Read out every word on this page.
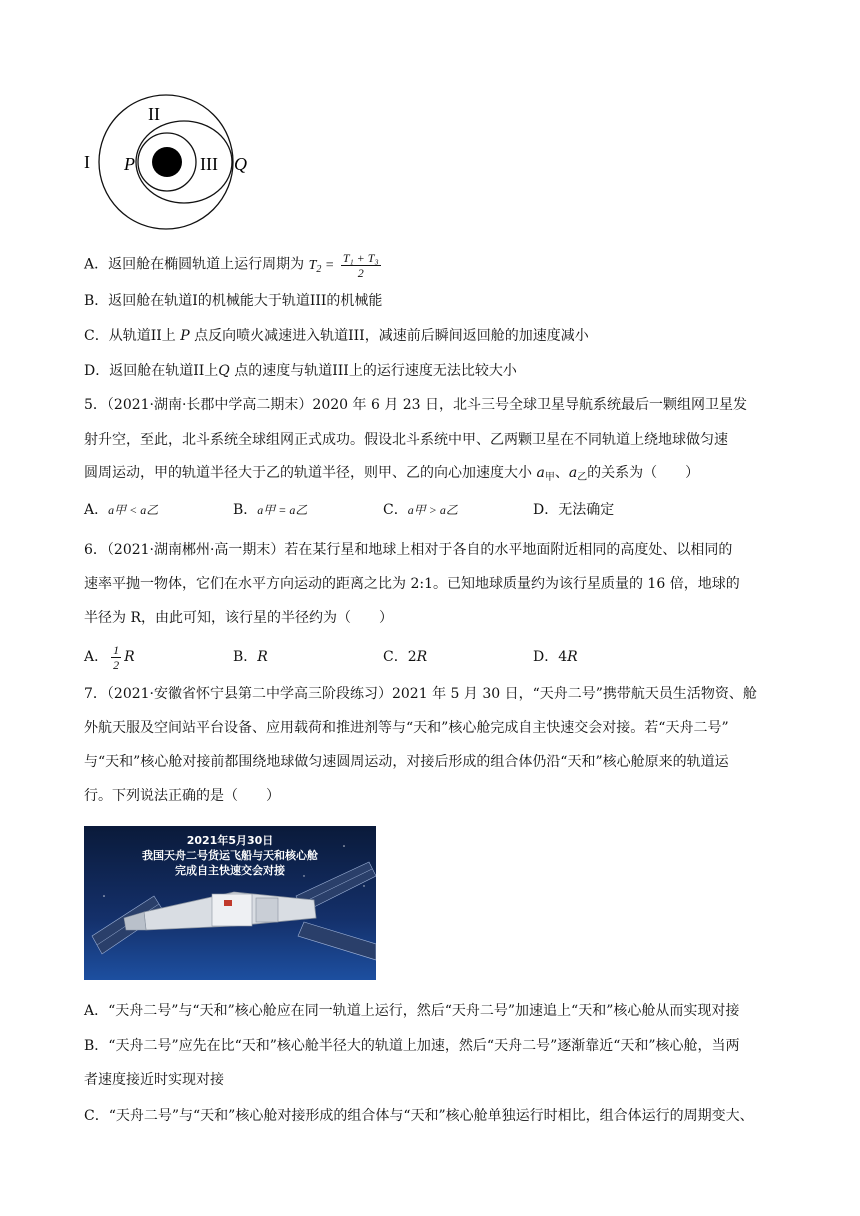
I
II
III
P	Q
A．返回舱在椭圆轨道上运行周期为 $T_2 = \frac{\text{T₁ + T₃}}{2}$
B．返回舱在轨道I的机械能大于轨道III的机械能
C．从轨道II上 P 点反向喷火减速进入轨道III，减速前后瞬间返回舱的加速度减小
D．返回舱在轨道II上Q 点的速度与轨道III上的运行速度无法比较大小
5．（2021·湖南·长郡中学高二期末）2020 年 6 月 23 日，北斗三号全球卫星导航系统最后一颗组网卫星发
射升空，至此，北斗系统全球组网正式成功。假设北斗系统中甲、乙两颗卫星在不同轨道上绕地球做匀速
圆周运动，甲的轨道半径大于乙的轨道半径，则甲、乙的向心加速度大小 $a_甲$、$a_乙$的关系为（　　）
A．a甲 < a乙	B．a甲 = a乙	C．a甲 > a乙	D．无法确定
6．（2021·湖南郴州·高一期末）若在某行星和地球上相对于各自的水平地面附近相同的高度处、以相同的
速率平抛一物体，它们在水平方向运动的距离之比为 2:1。已知地球质量约为该行星质量的 16 倍，地球的
半径为 R，由此可知，该行星的半径约为（　　）
A． $\frac{1}{2}$ R	B．R	C．2R	D．4R
7．（2021·安徽省怀宁县第二中学高三阶段练习）2021 年 5 月 30 日，“天舟二号”携带航天员生活物资、舱
外航天服及空间站平台设备、应用载荷和推进剂等与“天和”核心舱完成自主快速交会对接。若“天舟二号”
与“天和”核心舱对接前都围绕地球做匀速圆周运动，对接后形成的组合体仍沿“天和”核心舱原来的轨道运
行。下列说法正确的是（　　）
2021年5月30日
我国天舟二号货运飞船与天和核心舱
完成自主快速交会对接
A．“天舟二号”与“天和”核心舱应在同一轨道上运行，然后“天舟二号”加速追上“天和”核心舱从而实现对接
B．“天舟二号”应先在比“天和”核心舱半径大的轨道上加速，然后“天舟二号”逐渐靠近“天和”核心舱，当两
者速度接近时实现对接
C．“天舟二号”与“天和”核心舱对接形成的组合体与“天和”核心舱单独运行时相比，组合体运行的周期变大、
